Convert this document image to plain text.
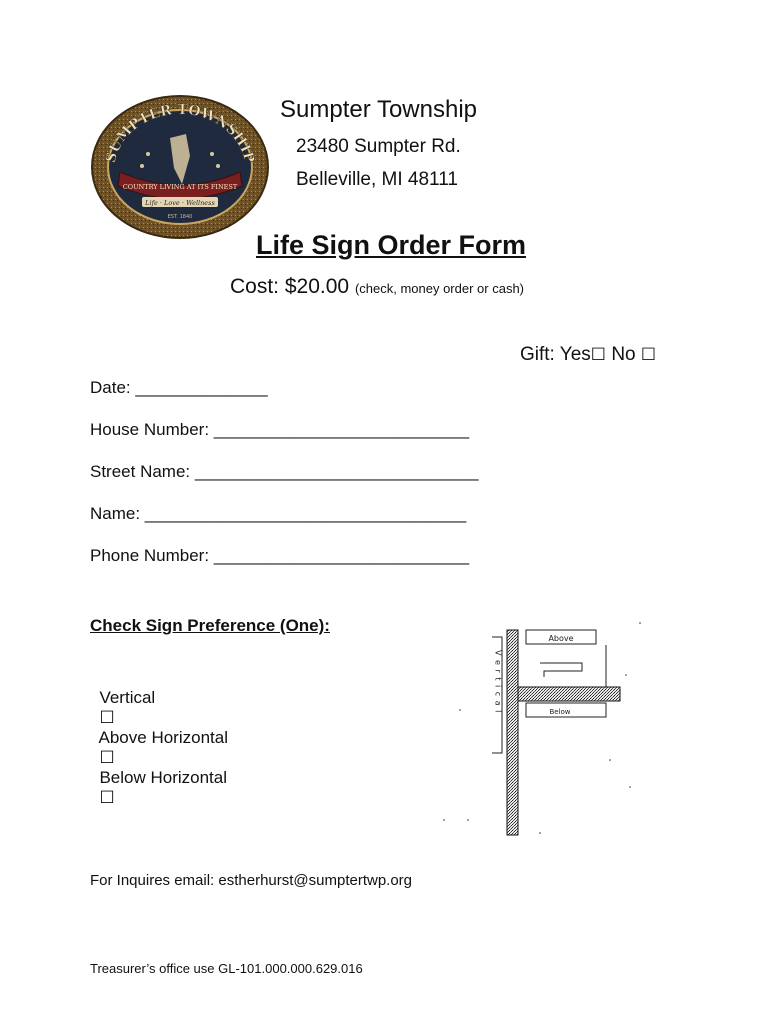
SUMPTER TOWNSHIP
COUNTRY LIVING AT ITS FINEST
Life · Love · Wellness
EST. 1840
Sumpter Township
23480 Sumpter Rd.
Belleville, MI 48111
Life Sign Order Form
Cost: $20.00 (check, money order or cash)
Gift: Yes☐ No ☐
Date: ______________
House Number: ___________________________
Street Name: ______________________________
Name: __________________________________
Phone Number: ___________________________
Check Sign Preference (One):

Vertical
☐

Above Horizontal
☐

Below Horizontal
☐

Above
Below
V e r t i c a l
For Inquires email: estherhurst@sumptertwp.org
Treasurer’s office use GL-101.000.000.629.016
